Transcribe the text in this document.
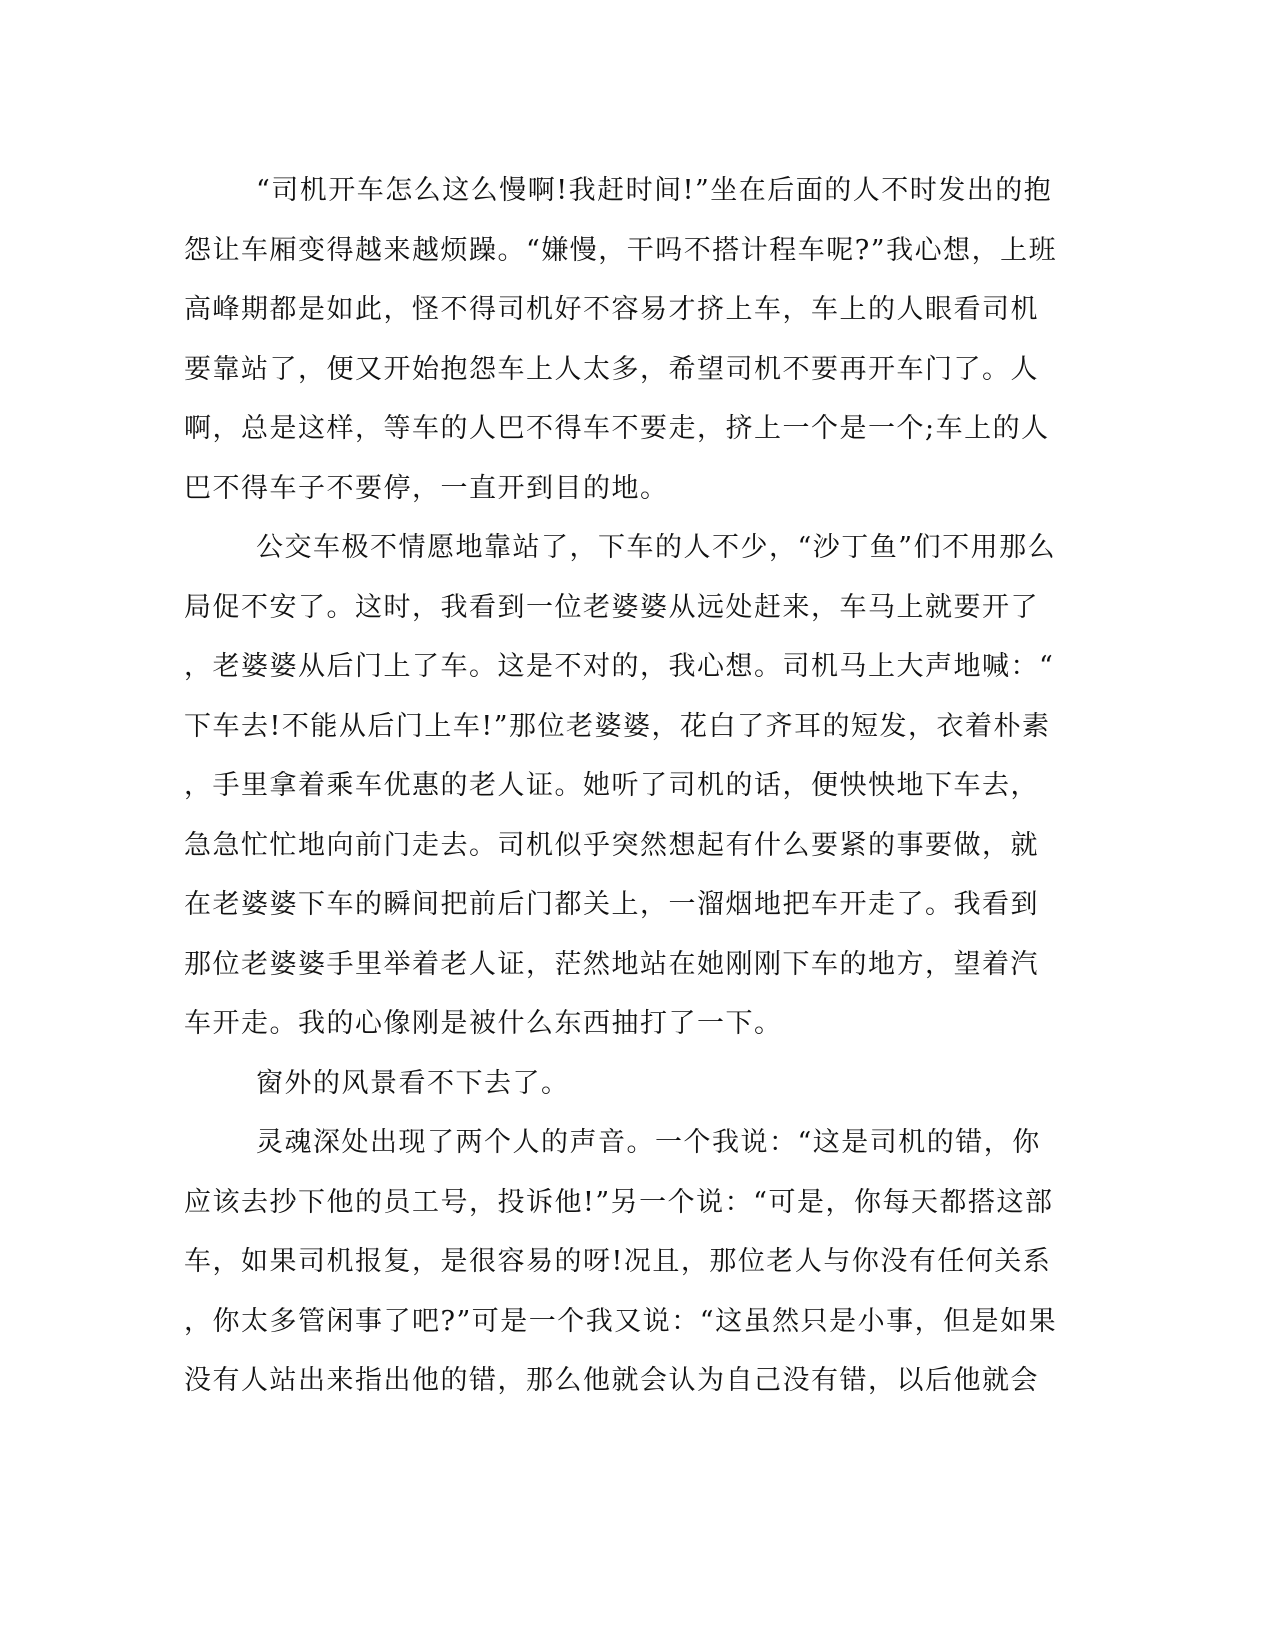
“司机开车怎么这么慢啊!我赶时间!”坐在后面的人不时发出的抱
怨让车厢变得越来越烦躁。“嫌慢，干吗不搭计程车呢?”我心想，上班
高峰期都是如此，怪不得司机好不容易才挤上车，车上的人眼看司机
要靠站了，便又开始抱怨车上人太多，希望司机不要再开车门了。人
啊，总是这样，等车的人巴不得车不要走，挤上一个是一个;车上的人
巴不得车子不要停，一直开到目的地。
公交车极不情愿地靠站了，下车的人不少，“沙丁鱼”们不用那么
局促不安了。这时，我看到一位老婆婆从远处赶来，车马上就要开了
，老婆婆从后门上了车。这是不对的，我心想。司机马上大声地喊：“
下车去!不能从后门上车!”那位老婆婆，花白了齐耳的短发，衣着朴素
，手里拿着乘车优惠的老人证。她听了司机的话，便怏怏地下车去，
急急忙忙地向前门走去。司机似乎突然想起有什么要紧的事要做，就
在老婆婆下车的瞬间把前后门都关上，一溜烟地把车开走了。我看到
那位老婆婆手里举着老人证，茫然地站在她刚刚下车的地方，望着汽
车开走。我的心像刚是被什么东西抽打了一下。
窗外的风景看不下去了。
灵魂深处出现了两个人的声音。一个我说：“这是司机的错，你
应该去抄下他的员工号，投诉他!”另一个说：“可是，你每天都搭这部
车，如果司机报复，是很容易的呀!况且，那位老人与你没有任何关系
，你太多管闲事了吧?”可是一个我又说：“这虽然只是小事，但是如果
没有人站出来指出他的错，那么他就会认为自己没有错，以后他就会
